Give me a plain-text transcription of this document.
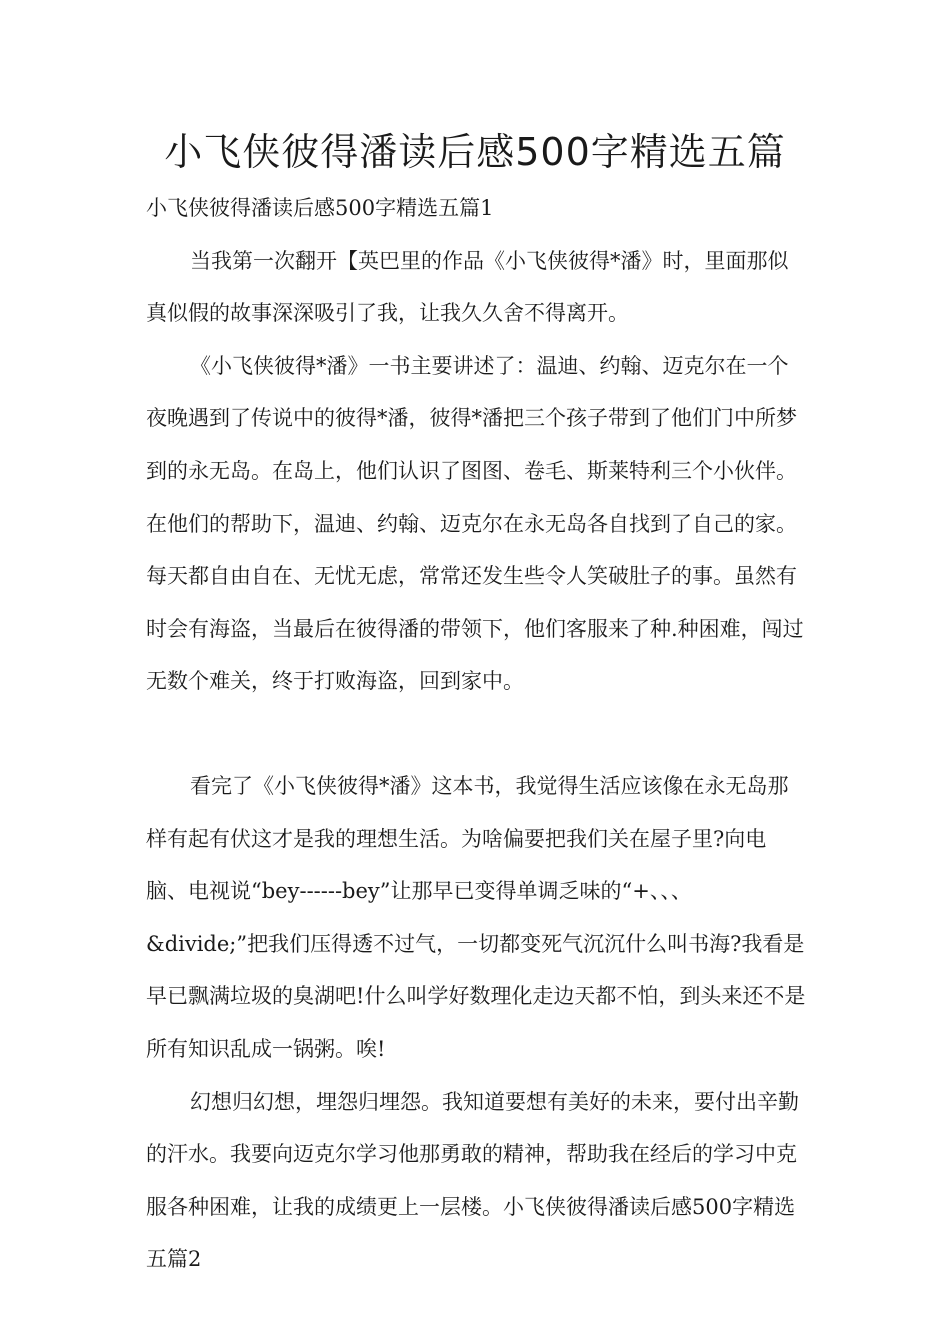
小飞侠彼得潘读后感500字精选五篇

小飞侠彼得潘读后感500字精选五篇1

当我第一次翻开【英巴里的作品《小飞侠彼得*潘》时，里面那似真似假的故事深深吸引了我，让我久久舍不得离开。

《小飞侠彼得*潘》一书主要讲述了：温迪、约翰、迈克尔在一个夜晚遇到了传说中的彼得*潘，彼得*潘把三个孩子带到了他们门中所梦到的永无岛。在岛上，他们认识了图图、卷毛、斯莱特利三个小伙伴。在他们的帮助下，温迪、约翰、迈克尔在永无岛各自找到了自己的家。每天都自由自在、无忧无虑，常常还发生些令人笑破肚子的事。虽然有时会有海盗，当最后在彼得潘的带领下，他们客服来了种.种困难，闯过无数个难关，终于打败海盗，回到家中。

看完了《小飞侠彼得*潘》这本书，我觉得生活应该像在永无岛那样有起有伏这才是我的理想生活。为啥偏要把我们关在屋子里?向电脑、电视说“bey------bey”让那早已变得单调乏味的“+、、、&divide;”把我们压得透不过气，一切都变死气沉沉什么叫书海?我看是早已飘满垃圾的臭湖吧!什么叫学好数理化走边天都不怕，到头来还不是所有知识乱成一锅粥。唉!

幻想归幻想，埋怨归埋怨。我知道要想有美好的未来，要付出辛勤的汗水。我要向迈克尔学习他那勇敢的精神，帮助我在经后的学习中克服各种困难，让我的成绩更上一层楼。小飞侠彼得潘读后感500字精选五篇2
